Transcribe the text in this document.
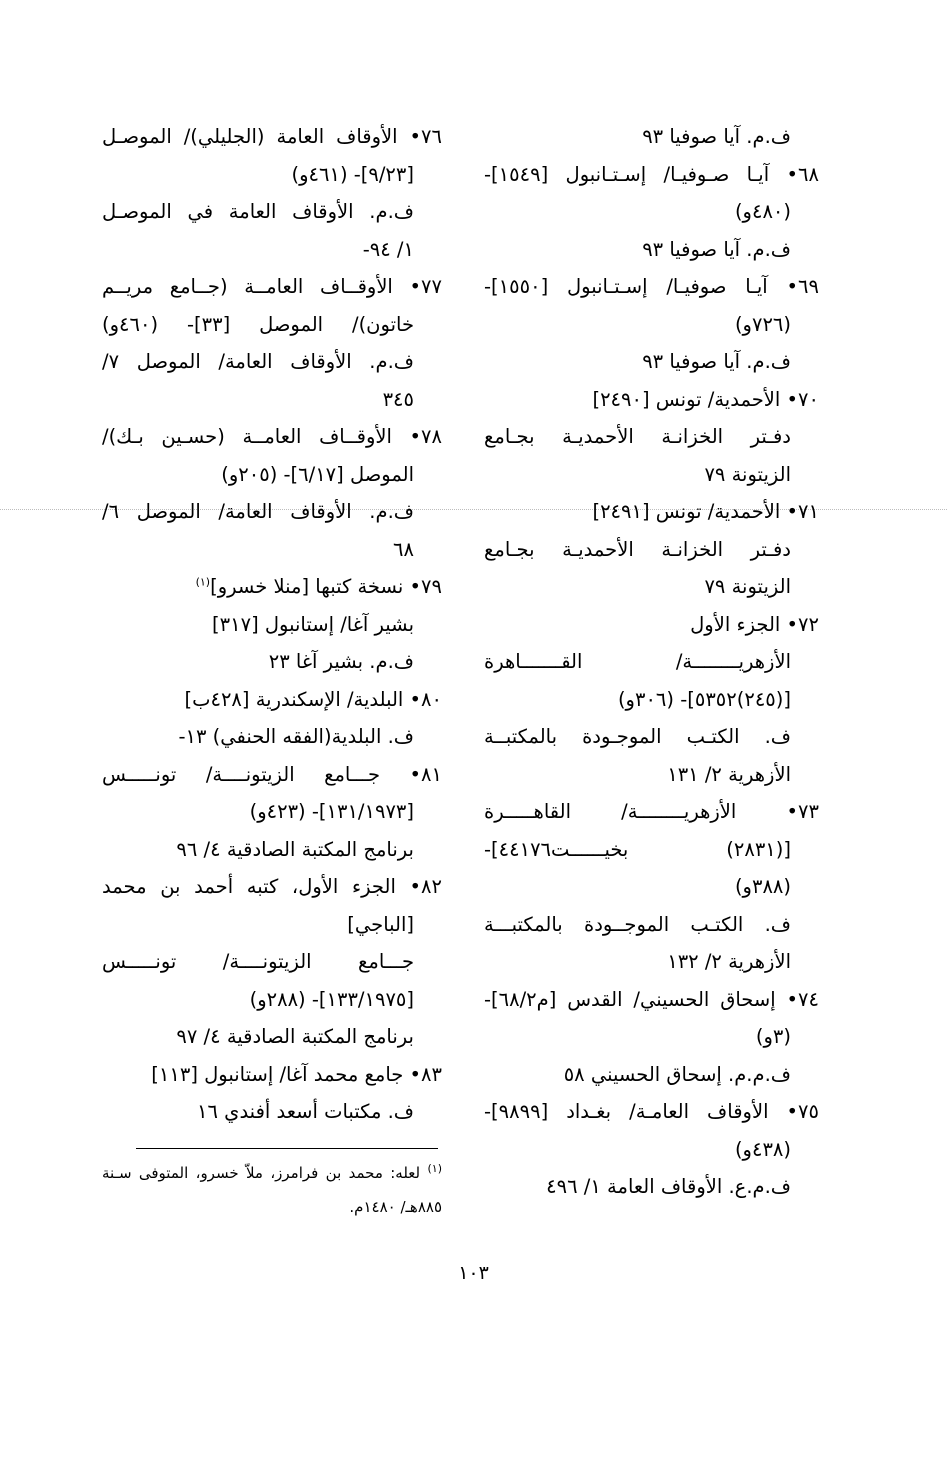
ف.م. آيا صوفيا ٩٣
٦٨• آيـا صـوفيـا/ إسـتـانبول [١٥٤٩]-
(٤٨٠و)
ف.م. آيا صوفيا ٩٣
٦٩• آيـا صوفيـا/ إسـتـانبول [١٥٥٠]-
(٧٢٦و)
ف.م. آيا صوفيا ٩٣
٧٠• الأحمدية/ تونس [٢٤٩٠]
دفـتر الخزانـة الأحمديـة بجـامع
الزيتونة ٧٩
٧١• الأحمدية/ تونس [٢٤٩١]
دفـتر الخزانـة الأحمديـة بجـامع
الزيتونة ٧٩
٧٢• الجزء الأول
الأزهريــــــــة/ القـــــــاهرة
[(٢٤٥)٥٣٥٢]- (٣٠٦و)
ف. الكتـب الموجـودة بالمكتبــة
الأزهرية ٢/ ١٣١
٧٣• الأزهريــــــــة/ القاهـــــرة
[(٢٨٣١) بخيــــــت٤٤١٧٦]-
(٣٨٨و)
ف. الكتـب الموجــودة بالمكتبـــة
الأزهرية ٢/ ١٣٢
٧٤• إسحاق الحسيني/ القدس [م٦٨/٢]-
(٣و)
ف.م.م. إسحاق الحسيني ٥٨
٧٥• الأوقاف العامـة/ بغـداد [٩٨٩٩]-
(٤٣٨و)
ف.م.ع. الأوقاف العامة ١/ ٤٩٦
٧٦• الأوقاف العامة (الجليلي)/ الموصـل
[٩/٢٣]- (٤٦١و)
ف.م. الأوقاف العامة في الموصـل
١/ ٩٤-
٧٧• الأوقــاف العامــة (جــامع مريــم
خاتون)/ الموصل [٣٣]- (٤٦٠و)
ف.م. الأوقاف العامة/ الموصل ٧/
٣٤٥
٧٨• الأوقــاف العامــة (حسـين بـك)/
الموصل [٦/١٧]- (٢٠٥و)
ف.م. الأوقاف العامة/ الموصل ٦/
٦٨
٧٩• نسخة كتبها [منلا خسرو]$^{(١)}$
بشير آغا/ إستانبول [٣١٧]
ف.م. بشير آغا ٢٣
٨٠• البلدية/ الإسكندرية [٤٢٨ب]
ف. البلدية(الفقه الحنفي) ١٣-
٨١• جـــامع الزيتونــــة/ تونـــــس
[١٣١/١٩٧٣]- (٤٢٣و)
برنامج المكتبة الصادقية ٤/ ٩٦
٨٢• الجزء الأول، كتبه أحمد بن محمد
[الباجي]
جـــامع الزيتونــــة/ تونـــــس
[١٣٣/١٩٧٥]- (٢٨٨و)
برنامج المكتبة الصادقية ٤/ ٩٧
٨٣• جامع محمد آغا/ إستانبول [١١٣]
ف. مكتبات أسعد أفندي ١٦
$^{(١)}$ لعله: محمد بن فرامرز، ملاّ خسرو، المتوفى سـنة
٨٨٥هـ/ ١٤٨٠م.
١٠٣
